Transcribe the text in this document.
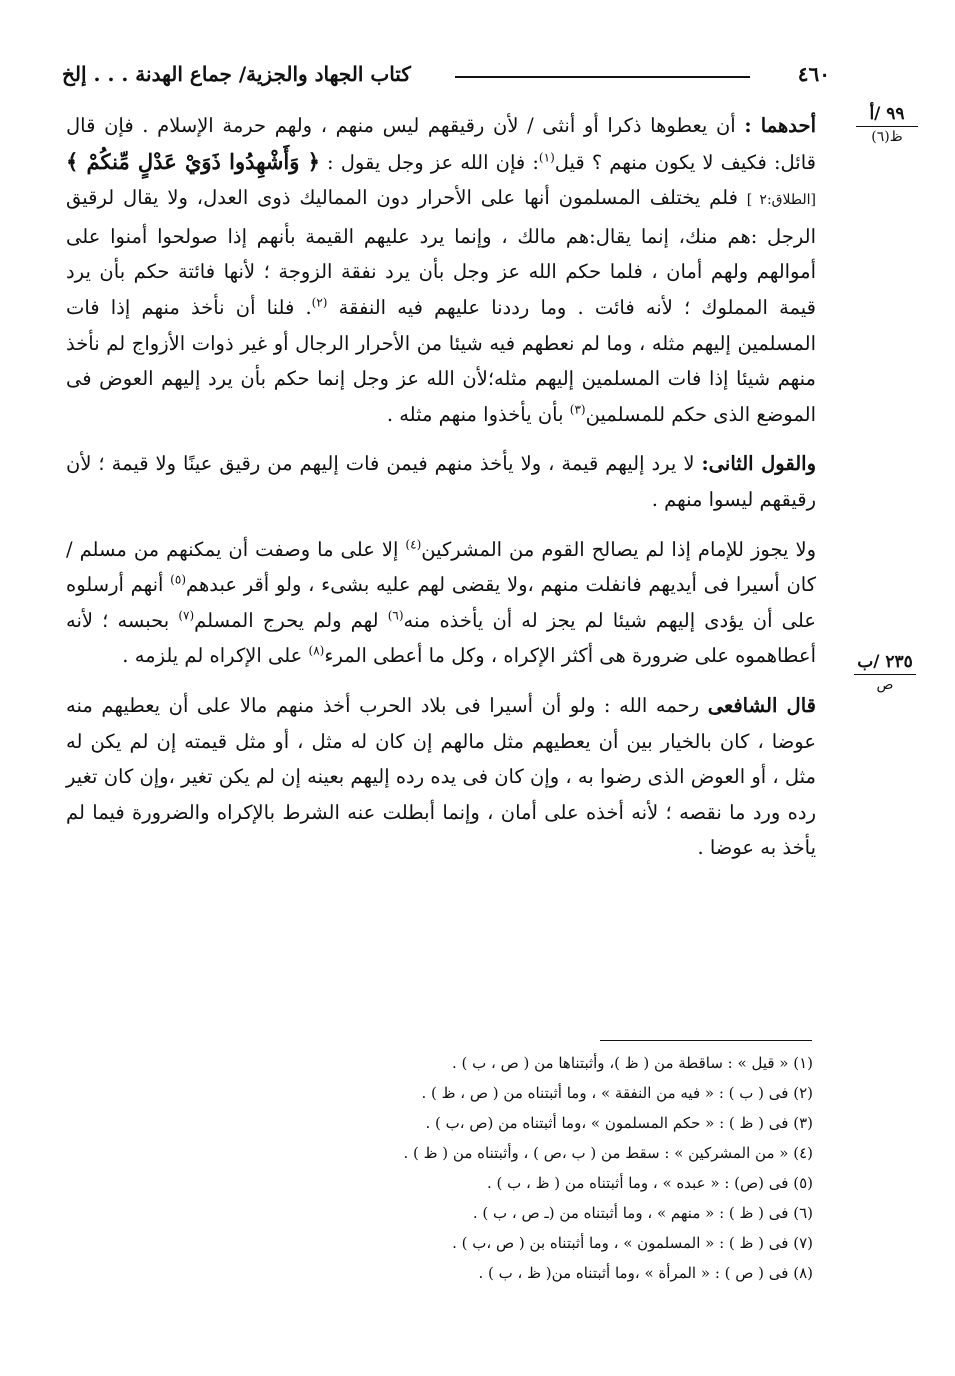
٤٦٠
كتاب الجهاد والجزية/ جماع الهدنة . . . إلخ
٩٩ /أ
ظ(٦)
٢٣٥ /ب
ص

أحدهما : أن يعطوها ذكرا أو أنثى / لأن رقيقهم ليس منهم ، ولهم حرمة الإسلام . فإن قال قائل: فكيف لا يكون منهم ؟ قيل$^{(١)}$: فإن الله عز وجل يقول : ﴿ وَأَشْهِدُوا ذَوَيْ عَدْلٍ مِّنكُمْ ﴾ [الطلاق:٢ ] فلم يختلف المسلمون أنها على الأحرار دون المماليك ذوى العدل، ولا يقال لرقيق الرجل :هم منك، إنما يقال:هم مالك ، وإنما يرد عليهم القيمة بأنهم إذا صولحوا أمنوا على أموالهم ولهم أمان ، فلما حكم الله عز وجل بأن يرد نفقة الزوجة ؛ لأنها فائتة حكم بأن يرد قيمة المملوك ؛ لأنه فائت . وما رددنا عليهم فيه النفقة $^{(٢)}$. فلنا أن نأخذ منهم إذا فات المسلمين إليهم مثله ، وما لم نعطهم فيه شيئا من الأحرار الرجال أو غير ذوات الأزواج لم نأخذ منهم شيئا إذا فات المسلمين إليهم مثله؛لأن الله عز وجل إنما حكم بأن يرد إليهم العوض فى الموضع الذى حكم للمسلمين$^{(٣)}$ بأن يأخذوا منهم مثله .

والقول الثانى: لا يرد إليهم قيمة ، ولا يأخذ منهم فيمن فات إليهم من رقيق عينًا ولا قيمة ؛ لأن رقيقهم ليسوا منهم .

ولا يجوز للإمام إذا لم يصالح القوم من المشركين$^{(٤)}$ إلا على ما وصفت أن يمكنهم من مسلم / كان أسيرا فى أيديهم فانفلت منهم ،ولا يقضى لهم عليه بشىء ، ولو أقر عبدهم$^{(٥)}$ أنهم أرسلوه على أن يؤدى إليهم شيئا لم يجز له أن يأخذه منه$^{(٦)}$ لهم ولم يحرج المسلم$^{(٧)}$ بحبسه ؛ لأنه أعطاهموه على ضرورة هى أكثر الإكراه ، وكل ما أعطى المرء$^{(٨)}$ على الإكراه لم يلزمه .

قال الشافعى رحمه الله : ولو أن أسيرا فى بلاد الحرب أخذ منهم مالا على أن يعطيهم منه عوضا ، كان بالخيار بين أن يعطيهم مثل مالهم إن كان له مثل ، أو مثل قيمته إن لم يكن له مثل ، أو العوض الذى رضوا به ، وإن كان فى يده رده إليهم بعينه إن لم يكن تغير ،وإن كان تغير رده ورد ما نقصه ؛ لأنه أخذه على أمان ، وإنما أبطلت عنه الشرط بالإكراه والضرورة فيما لم يأخذ به عوضا .

(١) « قيل » : ساقطة من ( ظ )، وأثبتناها من ( ص ، ب ) .
(٢) فى ( ب ) : « فيه من النفقة » ، وما أثبتناه من ( ص ، ظ ) .
(٣) فى ( ظ ) : « حكم المسلمون » ،وما أثبتناه من (ص ،ب ) .
(٤) « من المشركين » : سقط من ( ب ،ص ) ، وأثبتناه من ( ظ ) .
(٥) فى (ص) : « عبده » ، وما أثبتناه من ( ظ ، ب ) .
(٦) فى ( ظ ) : « منهم » ، وما أثبتناه من (ـ ص ، ب ) .
(٧) فى ( ظ ) : « المسلمون » ، وما أثبتناه بن ( ص ،ب ) .
(٨) فى ( ص ) : « المرأة » ،وما أثبتناه من( ظ ، ب ) .
